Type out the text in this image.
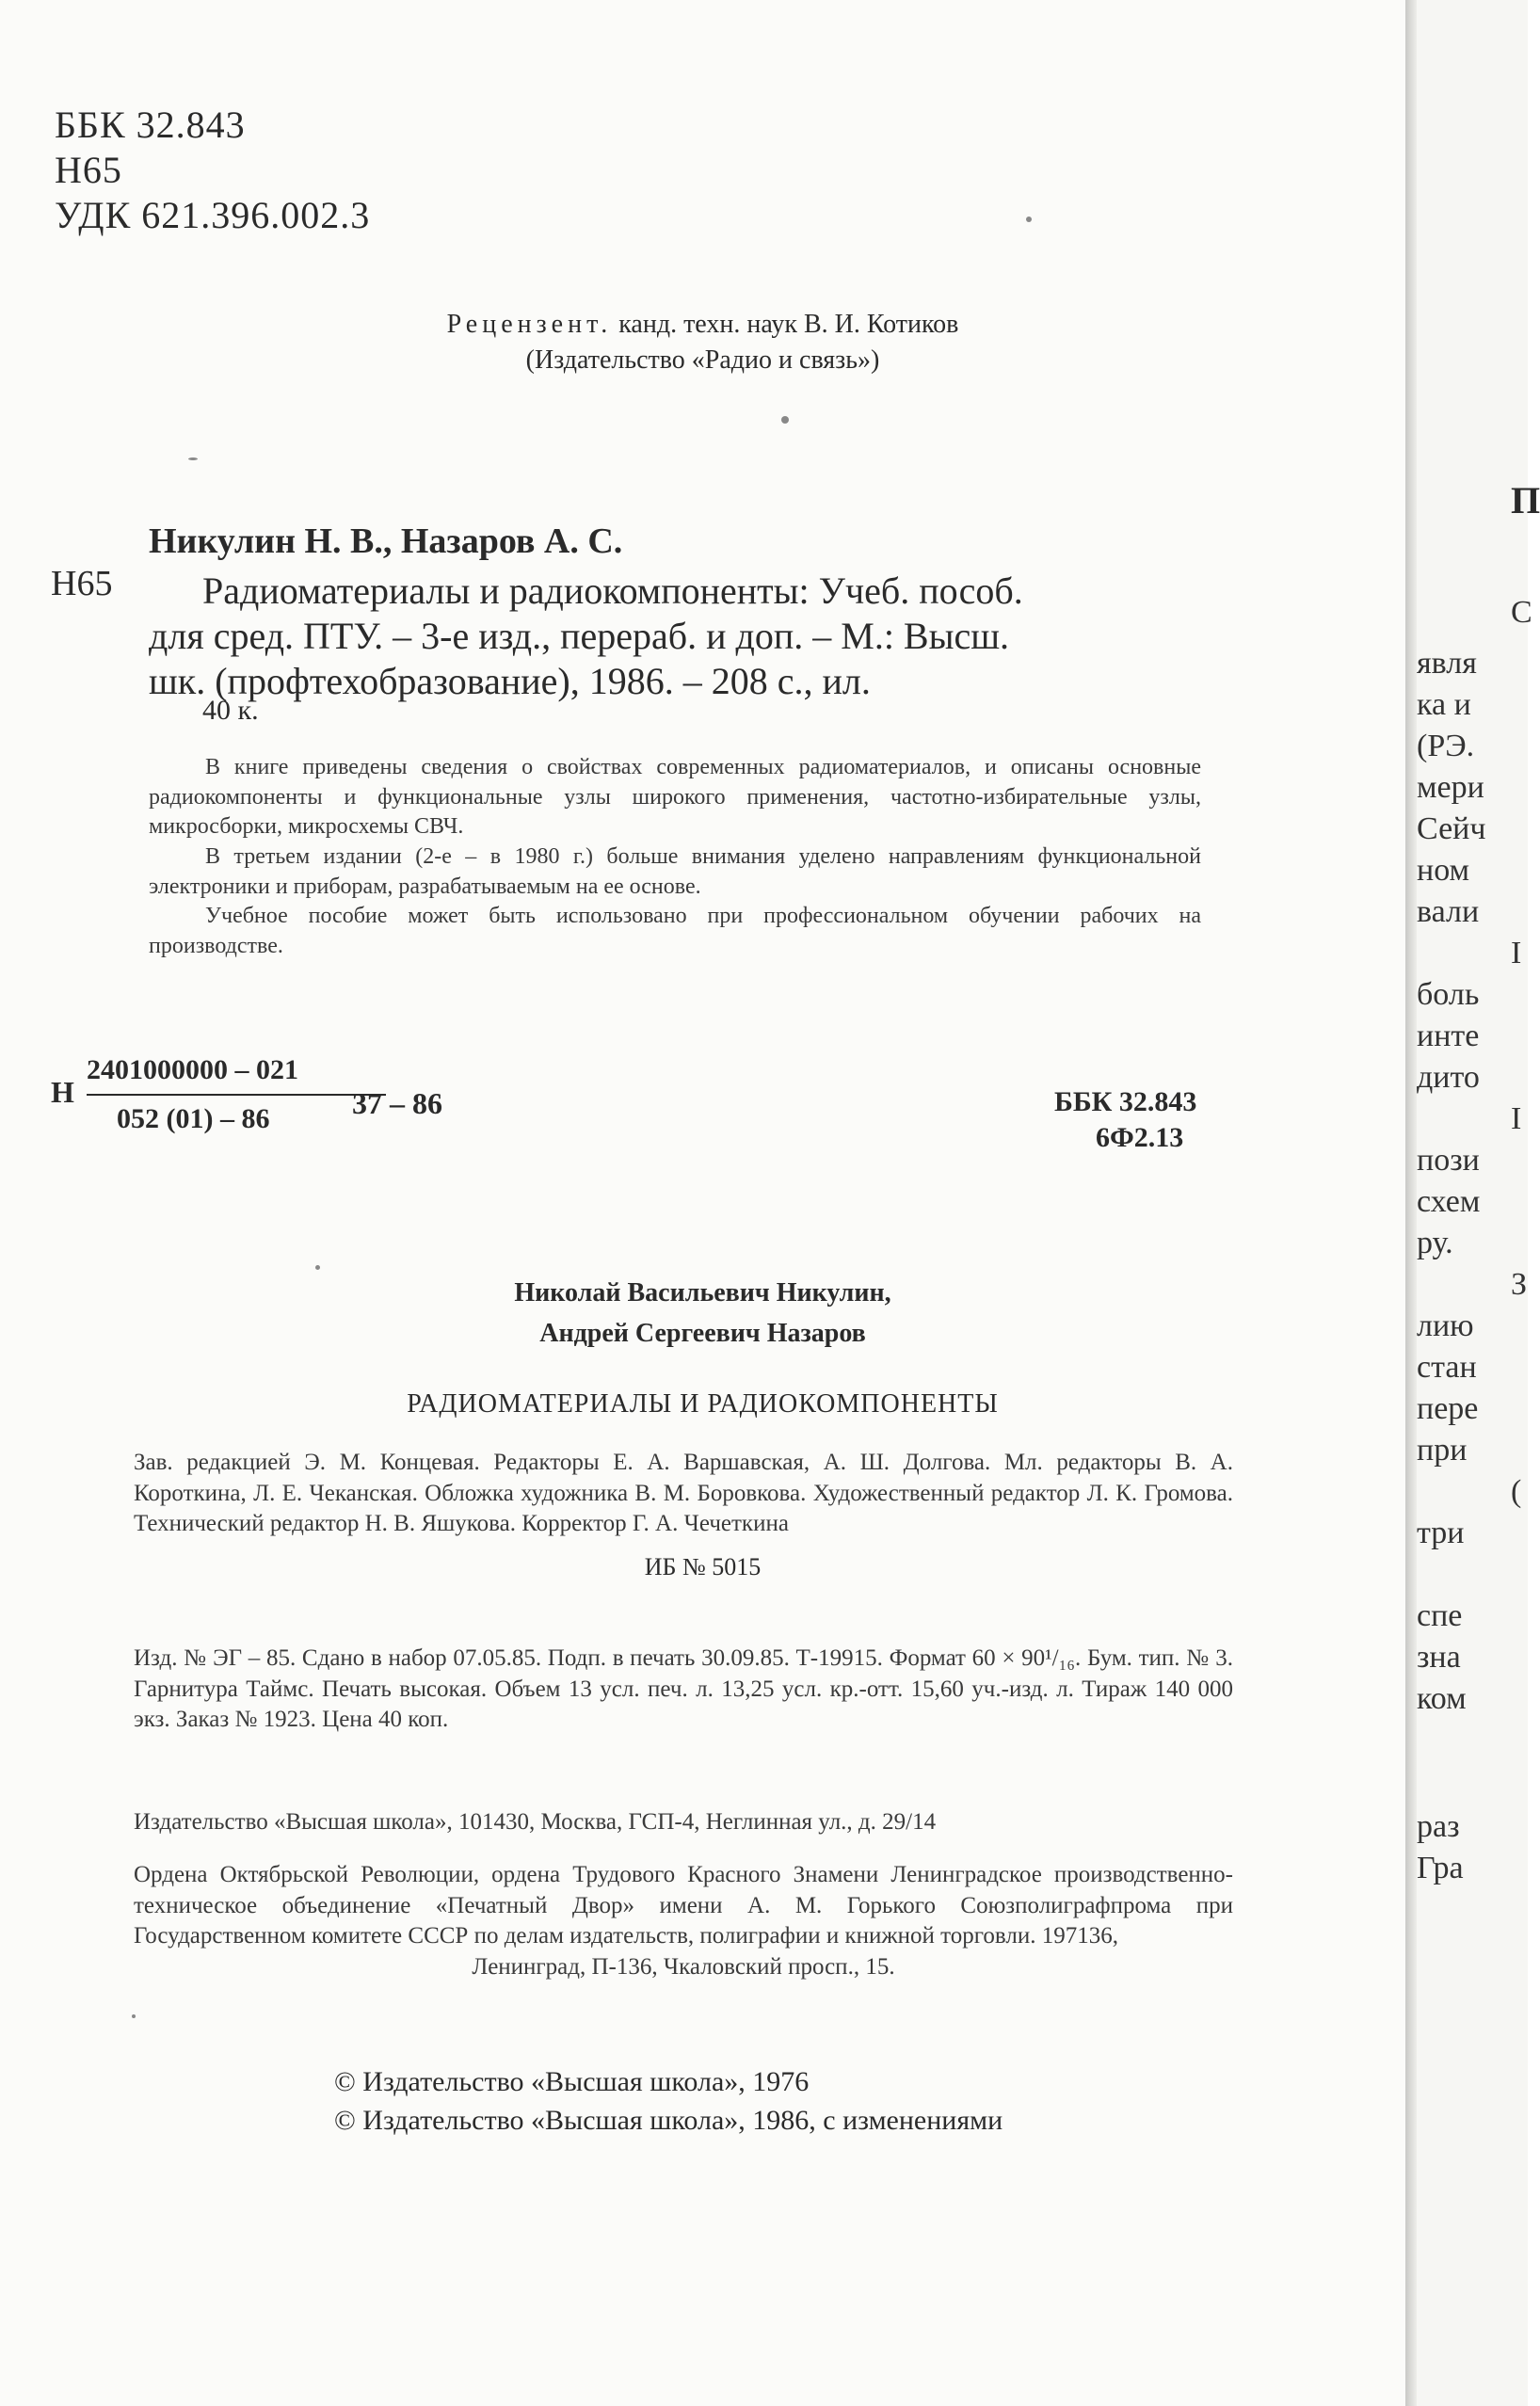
ББК 32.843
Н65
УДК 621.396.002.3
Рецензент. канд. техн. наук В. И. Котиков
(Издательство «Радио и связь»)
Никулин Н. В., Назаров А. С.
Н65 Радиоматериалы и радиокомпоненты: Учеб. пособ.
для сред. ПТУ. – 3-е изд., перераб. и доп. – М.: Высш.
шк. (профтехобразование), 1986. – 208 с., ил.
40 к.

В книге приведены сведения о свойствах современных радиоматериалов, и описаны основные радиокомпоненты и функциональные узлы широкого применения, частотно-избирательные узлы, микросборки, микросхемы СВЧ.

В третьем издании (2-е – в 1980 г.) больше внимания уделено направлениям функциональной электроники и приборам, разрабатываемым на ее основе.

Учебное пособие может быть использовано при профессиональном обучении рабочих на производстве.

Н
2401000000 – 021
052 (01) – 86	37 – 86	ББК 32.843
6Ф2.13
Николай Васильевич Никулин,
Андрей Сергеевич Назаров
РАДИОМАТЕРИАЛЫ И РАДИОКОМПОНЕНТЫ
Зав. редакцией Э. М. Концевая. Редакторы Е. А. Варшавская, А. Ш. Долгова. Мл. редакторы В. А. Короткина, Л. Е. Чеканская. Обложка художника В. М. Боровкова. Художественный редактор Л. К. Громова. Технический редактор Н. В. Яшукова. Корректор Г. А. Чечеткина
ИБ № 5015
Изд. № ЭГ – 85. Сдано в набор 07.05.85. Подп. в печать 30.09.85. Т-19915. Формат 60 × 90¹/₁₆. Бум. тип. № 3. Гарнитура Таймс. Печать высокая. Объем 13 усл. печ. л. 13,25 усл. кр.-отт. 15,60 уч.-изд. л. Тираж 140 000 экз. Заказ № 1923. Цена 40 коп.
Издательство «Высшая школа», 101430, Москва, ГСП-4, Неглинная ул., д. 29/14
Ордена Октябрьской Революции, ордена Трудового Красного Знамени Ленинградское производственно-техническое объединение «Печатный Двор» имени А. М. Горького Союзполиграфпрома при Государственном комитете СССР по делам издательств, полиграфии и книжной торговли. 197136,
Ленинград, П-136, Чкаловский просп., 15.
© Издательство «Высшая школа», 1976
© Издательство «Высшая школа», 1986, с изменениями
П
С
явля
ка и
(РЭ.
мери
Сейч
ном
вали
І
боль
инте
дито
І
пози
схем
ру.
З
лию
стан
пере
при
(
три
спе
зна
ком
раз
Гра
